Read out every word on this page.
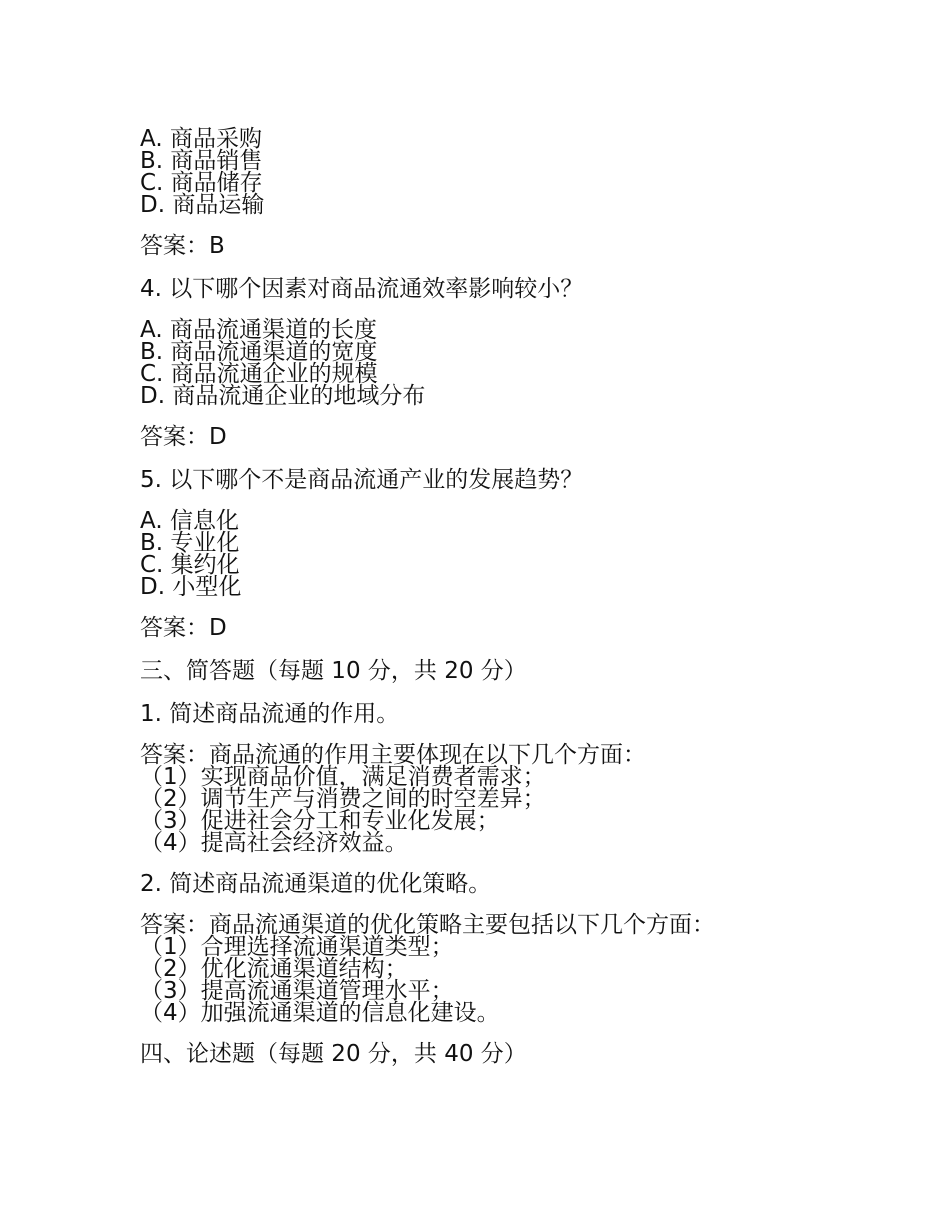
A. 商品采购
B. 商品销售
C. 商品储存
D. 商品运输
答案：B
4. 以下哪个因素对商品流通效率影响较小？
A. 商品流通渠道的长度
B. 商品流通渠道的宽度
C. 商品流通企业的规模
D. 商品流通企业的地域分布
答案：D
5. 以下哪个不是商品流通产业的发展趋势？
A. 信息化
B. 专业化
C. 集约化
D. 小型化
答案：D
三、简答题（每题 10 分，共 20 分）
1. 简述商品流通的作用。
答案：商品流通的作用主要体现在以下几个方面：
（1）实现商品价值，满足消费者需求；
（2）调节生产与消费之间的时空差异；
（3）促进社会分工和专业化发展；
（4）提高社会经济效益。
2. 简述商品流通渠道的优化策略。
答案：商品流通渠道的优化策略主要包括以下几个方面：
（1）合理选择流通渠道类型；
（2）优化流通渠道结构；
（3）提高流通渠道管理水平；
（4）加强流通渠道的信息化建设。
四、论述题（每题 20 分，共 40 分）
